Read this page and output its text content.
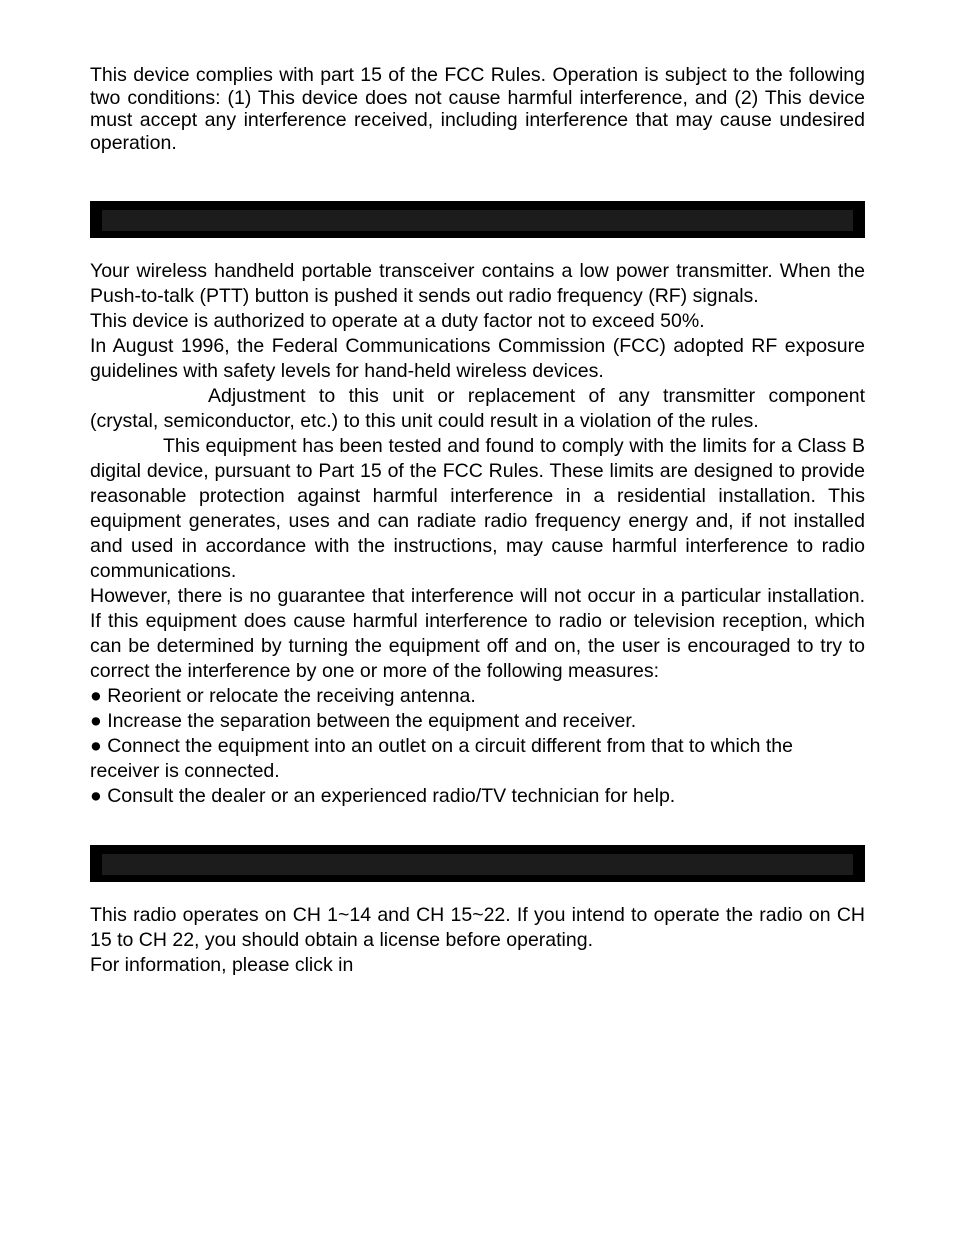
This device complies with part 15 of the FCC Rules. Operation is subject to the following two conditions: (1) This device does not cause harmful interference, and (2) This device must accept any interference received, including interference that may cause undesired operation.

Your wireless handheld portable transceiver contains a low power transmitter. When the Push-to-talk (PTT) button is pushed it sends out radio frequency (RF) signals.

This device is authorized to operate at a duty factor not to exceed 50%.

In August 1996, the Federal Communications Commission (FCC) adopted RF exposure guidelines with safety levels for hand-held wireless devices.

Adjustment to this unit or replacement of any transmitter component (crystal, semiconductor, etc.) to this unit could result in a violation of the rules.

This equipment has been tested and found to comply with the limits for a Class B digital device, pursuant to Part 15 of the FCC Rules. These limits are designed to provide reasonable protection against harmful interference in a residential installation. This equipment generates, uses and can radiate radio frequency energy and, if not installed and used in accordance with the instructions, may cause harmful interference to radio communications.

However, there is no guarantee that interference will not occur in a particular installation. If this equipment does cause harmful interference to radio or television reception, which can be determined by turning the equipment off and on, the user is encouraged to try to correct the interference by one or more of the following measures:

● Reorient or relocate the receiving antenna.
● Increase the separation between the equipment and receiver.
● Connect the equipment into an outlet on a circuit different from that to which the
receiver is connected.
● Consult the dealer or an experienced radio/TV technician for help.

This radio operates on CH 1~14 and CH 15~22. If you intend to operate the radio on CH 15 to CH 22, you should obtain a license before operating.

For information, please click in
